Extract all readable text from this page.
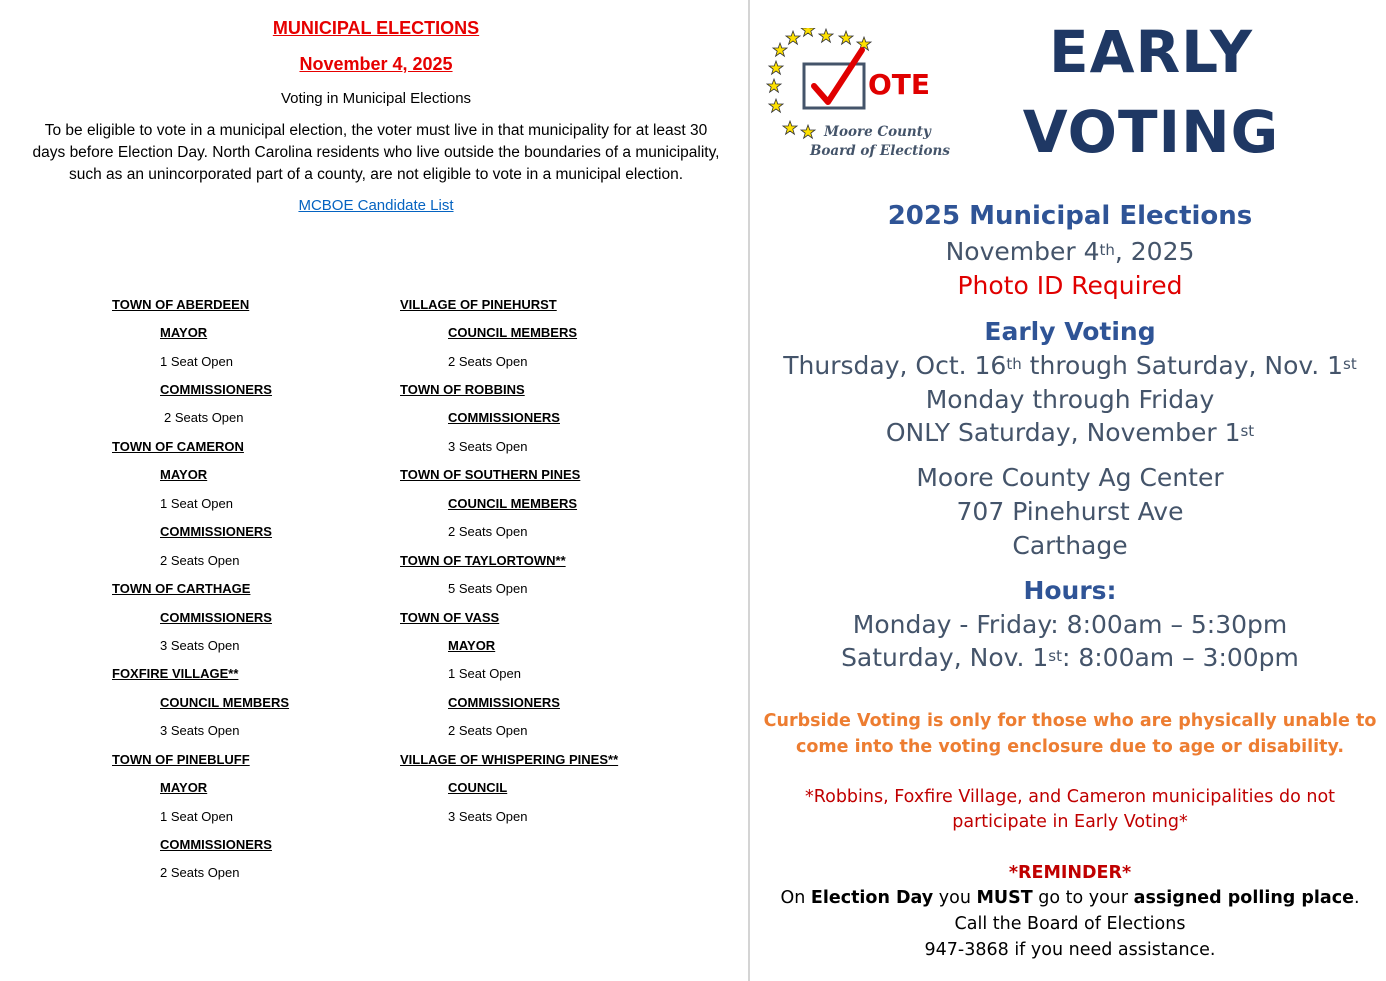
MUNICIPAL ELECTIONS
November 4, 2025
Voting in Municipal Elections
To be eligible to vote in a municipal election, the voter must live in that municipality for at least 30
days before Election Day. North Carolina residents who live outside the boundaries of a municipality,
such as an unincorporated part of a county, are not eligible to vote in a municipal election.
MCBOE Candidate List
TOWN OF ABERDEEN
MAYOR
1 Seat Open
COMMISSIONERS
2 Seats Open
TOWN OF CAMERON
MAYOR
1 Seat Open
COMMISSIONERS
2 Seats Open
TOWN OF CARTHAGE
COMMISSIONERS
3 Seats Open
FOXFIRE VILLAGE**
COUNCIL MEMBERS
3 Seats Open
TOWN OF PINEBLUFF
MAYOR
1 Seat Open
COMMISSIONERS
2 Seats Open
VILLAGE OF PINEHURST
COUNCIL MEMBERS
2 Seats Open
TOWN OF ROBBINS
COMMISSIONERS
3 Seats Open
TOWN OF SOUTHERN PINES
COUNCIL MEMBERS
2 Seats Open
TOWN OF TAYLORTOWN**
5 Seats Open
TOWN OF VASS
MAYOR
1 Seat Open
COMMISSIONERS
2 Seats Open
VILLAGE OF WHISPERING PINES**
COUNCIL
3 Seats Open
OTE
Moore County
Board of Elections
EARLY
VOTING
2025 Municipal Elections
November 4th, 2025
Photo ID Required
Early Voting
Thursday, Oct. 16th through Saturday, Nov. 1st
Monday through Friday
ONLY Saturday, November 1st
Moore County Ag Center
707 Pinehurst Ave
Carthage
Hours:
Monday - Friday: 8:00am – 5:30pm
Saturday, Nov. 1st: 8:00am – 3:00pm
Curbside Voting is only for those who are physically unable to
come into the voting enclosure due to age or disability.
*Robbins, Foxfire Village, and Cameron municipalities do not
participate in Early Voting*
*REMINDER*
On Election Day you MUST go to your assigned polling place.
Call the Board of Elections
947-3868 if you need assistance.
